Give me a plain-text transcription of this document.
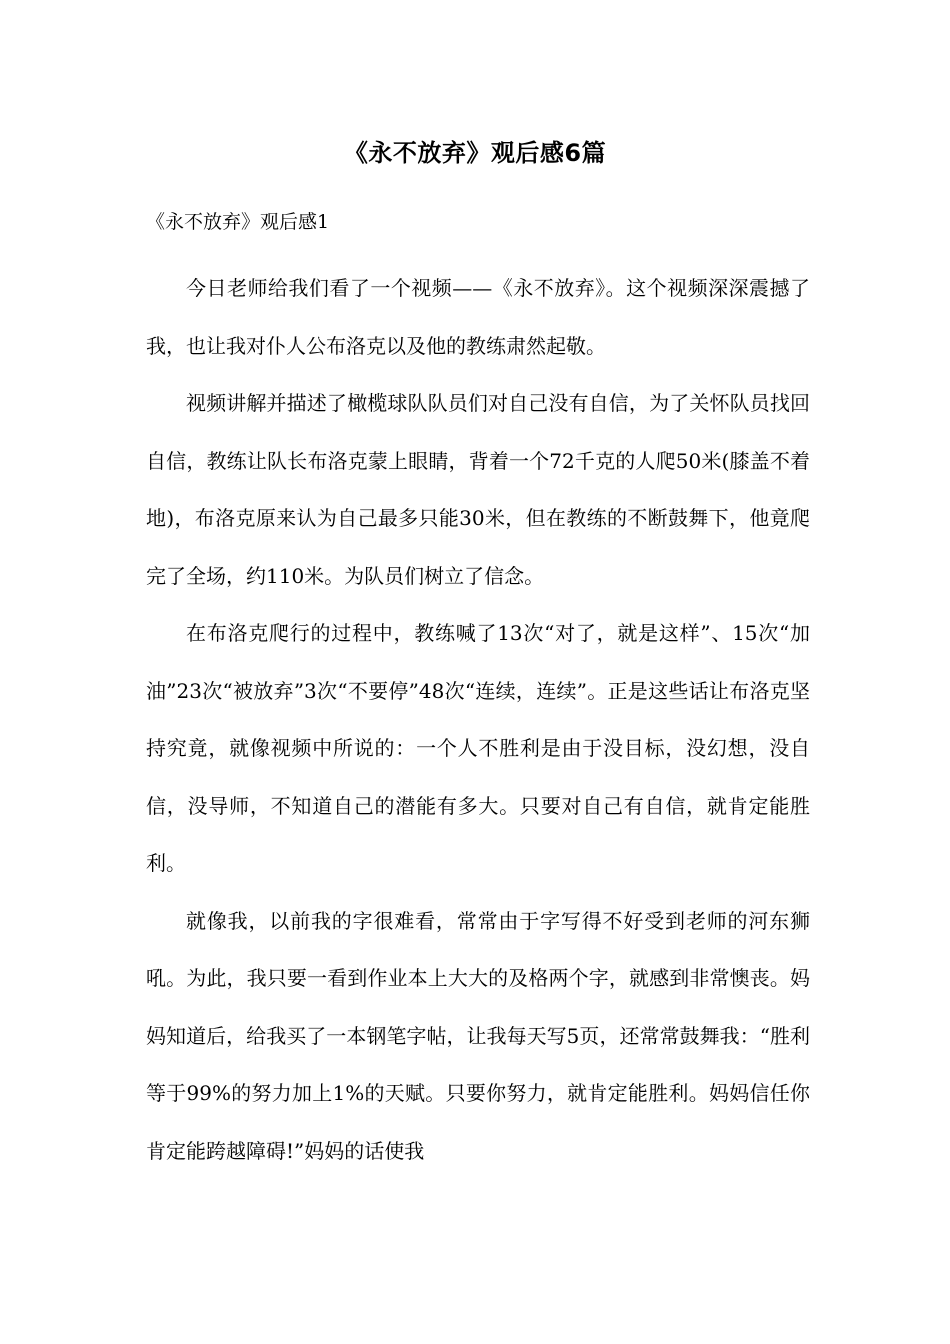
《永不放弃》观后感6篇
《永不放弃》观后感1

今日老师给我们看了一个视频——《永不放弃》。这个视频深深震撼了我，也让我对仆人公布洛克以及他的教练肃然起敬。

视频讲解并描述了橄榄球队队员们对自己没有自信，为了关怀队员找回自信，教练让队长布洛克蒙上眼睛，背着一个72千克的人爬50米(膝盖不着地)，布洛克原来认为自己最多只能30米，但在教练的不断鼓舞下，他竟爬完了全场，约110米。为队员们树立了信念。

在布洛克爬行的过程中，教练喊了13次“对了，就是这样”、15次“加油”23次“被放弃”3次“不要停”48次“连续，连续”。正是这些话让布洛克坚持究竟，就像视频中所说的：一个人不胜利是由于没目标，没幻想，没自信，没导师，不知道自己的潜能有多大。只要对自己有自信，就肯定能胜利。

就像我，以前我的字很难看，常常由于字写得不好受到老师的河东狮吼。为此，我只要一看到作业本上大大的及格两个字，就感到非常懊丧。妈妈知道后，给我买了一本钢笔字帖，让我每天写5页，还常常鼓舞我：“胜利等于99%的努力加上1%的天赋。只要你努力，就肯定能胜利。妈妈信任你肯定能跨越障碍!”妈妈的话使我
